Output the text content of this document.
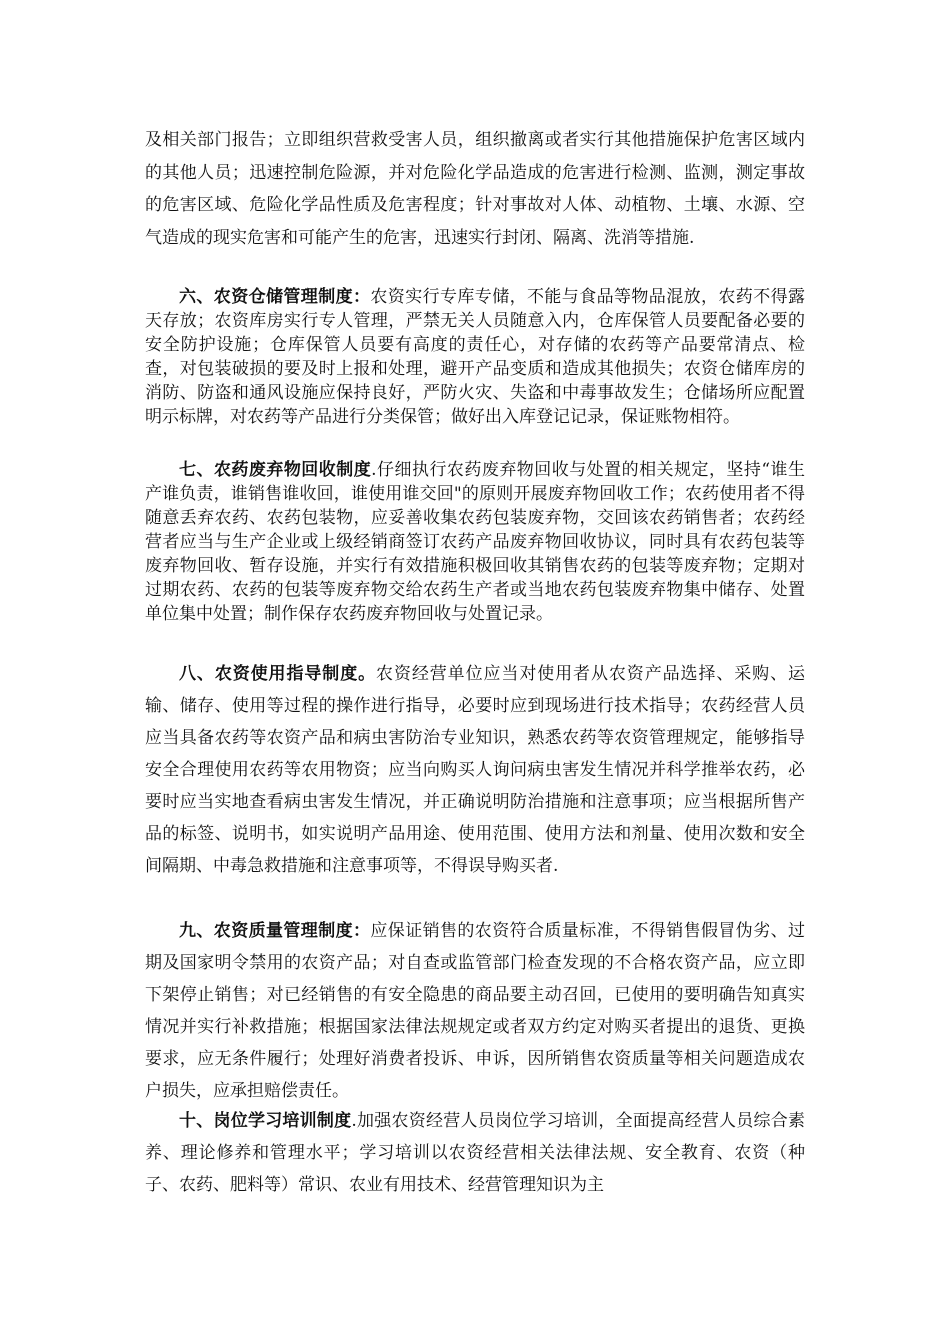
及相关部门报告；立即组织营救受害人员，组织撤离或者实行其他措施保护危害区域内的其他人员；迅速控制危险源，并对危险化学品造成的危害进行检测、监测，测定事故的危害区域、危险化学品性质及危害程度；针对事故对人体、动植物、土壤、水源、空气造成的现实危害和可能产生的危害，迅速实行封闭、隔离、洗消等措施.

六、农资仓储管理制度：农资实行专库专储，不能与食品等物品混放，农药不得露天存放；农资库房实行专人管理，严禁无关人员随意入内，仓库保管人员要配备必要的安全防护设施；仓库保管人员要有高度的责任心，对存储的农药等产品要常清点、检查，对包装破损的要及时上报和处理，避开产品变质和造成其他损失；农资仓储库房的消防、防盗和通风设施应保持良好，严防火灾、失盗和中毒事故发生；仓储场所应配置明示标牌，对农药等产品进行分类保管；做好出入库登记记录，保证账物相符。

七、农药废弃物回收制度.仔细执行农药废弃物回收与处置的相关规定，坚持“谁生产谁负责，谁销售谁收回，谁使用谁交回"的原则开展废弃物回收工作；农药使用者不得随意丢弃农药、农药包装物，应妥善收集农药包装废弃物，交回该农药销售者；农药经营者应当与生产企业或上级经销商签订农药产品废弃物回收协议，同时具有农药包装等废弃物回收、暂存设施，并实行有效措施积极回收其销售农药的包装等废弃物；定期对过期农药、农药的包装等废弃物交给农药生产者或当地农药包装废弃物集中储存、处置单位集中处置；制作保存农药废弃物回收与处置记录。

八、农资使用指导制度。农资经营单位应当对使用者从农资产品选择、采购、运输、储存、使用等过程的操作进行指导，必要时应到现场进行技术指导；农药经营人员应当具备农药等农资产品和病虫害防治专业知识，熟悉农药等农资管理规定，能够指导安全合理使用农药等农用物资；应当向购买人询问病虫害发生情况并科学推举农药，必要时应当实地查看病虫害发生情况，并正确说明防治措施和注意事项；应当根据所售产品的标签、说明书，如实说明产品用途、使用范围、使用方法和剂量、使用次数和安全间隔期、中毒急救措施和注意事项等，不得误导购买者.

九、农资质量管理制度：应保证销售的农资符合质量标准，不得销售假冒伪劣、过期及国家明令禁用的农资产品；对自查或监管部门检查发现的不合格农资产品，应立即下架停止销售；对已经销售的有安全隐患的商品要主动召回，已使用的要明确告知真实情况并实行补救措施；根据国家法律法规规定或者双方约定对购买者提出的退货、更换要求，应无条件履行；处理好消费者投诉、申诉，因所销售农资质量等相关问题造成农户损失，应承担赔偿责任。

十、岗位学习培训制度.加强农资经营人员岗位学习培训，全面提高经营人员综合素养、理论修养和管理水平；学习培训以农资经营相关法律法规、安全教育、农资（种子、农药、肥料等）常识、农业有用技术、经营管理知识为主
